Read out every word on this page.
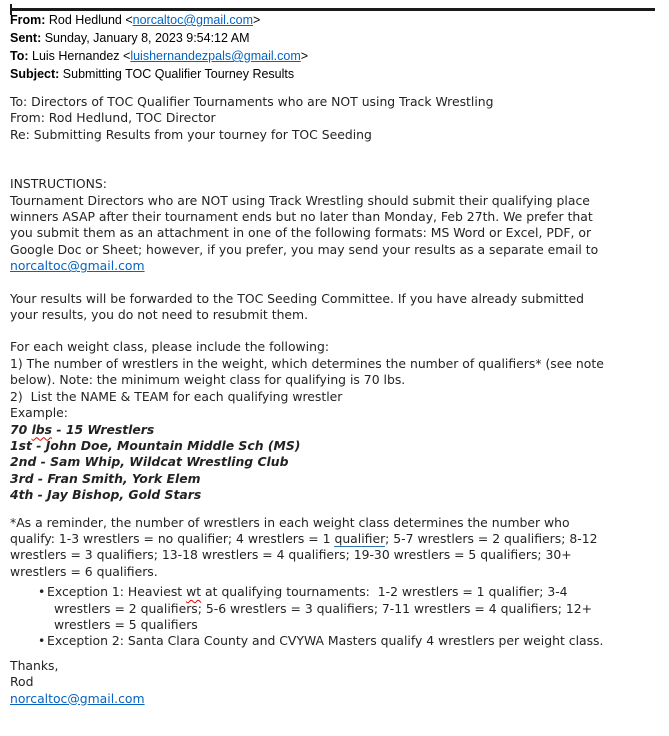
From: Rod Hedlund <norcaltoc@gmail.com>
Sent: Sunday, January 8, 2023 9:54:12 AM
To: Luis Hernandez <luishernandezpals@gmail.com>
Subject: Submitting TOC Qualifier Tourney Results
To: Directors of TOC Qualifier Tournaments who are NOT using Track Wrestling
From: Rod Hedlund, TOC Director
Re: Submitting Results from your tourney for TOC Seeding
INSTRUCTIONS:
Tournament Directors who are NOT using Track Wrestling should submit their qualifying place
winners ASAP after their tournament ends but no later than Monday, Feb 27th. We prefer that
you submit them as an attachment in one of the following formats: MS Word or Excel, PDF, or
Google Doc or Sheet; however, if you prefer, you may send your results as a separate email to
norcaltoc@gmail.com
Your results will be forwarded to the TOC Seeding Committee. If you have already submitted
your results, you do not need to resubmit them.
For each weight class, please include the following:
1) The number of wrestlers in the weight, which determines the number of qualifiers* (see note
below). Note: the minimum weight class for qualifying is 70 lbs.
2)  List the NAME & TEAM for each qualifying wrestler
Example:
70 lbs - 15 Wrestlers
1st - John Doe, Mountain Middle Sch (MS)
2nd - Sam Whip, Wildcat Wrestling Club
3rd - Fran Smith, York Elem
4th - Jay Bishop, Gold Stars
*As a reminder, the number of wrestlers in each weight class determines the number who
qualify: 1-3 wrestlers = no qualifier; 4 wrestlers = 1 qualifier; 5-7 wrestlers = 2 qualifiers; 8-12
wrestlers = 3 qualifiers; 13-18 wrestlers = 4 qualifiers; 19-30 wrestlers = 5 qualifiers; 30+
wrestlers = 6 qualifiers.
• Exception 1: Heaviest wt at qualifying tournaments:  1-2 wrestlers = 1 qualifier; 3-4
wrestlers = 2 qualifiers; 5-6 wrestlers = 3 qualifiers; 7-11 wrestlers = 4 qualifiers; 12+
wrestlers = 5 qualifiers
• Exception 2: Santa Clara County and CVYWA Masters qualify 4 wrestlers per weight class.
Thanks,
Rod
norcaltoc@gmail.com
